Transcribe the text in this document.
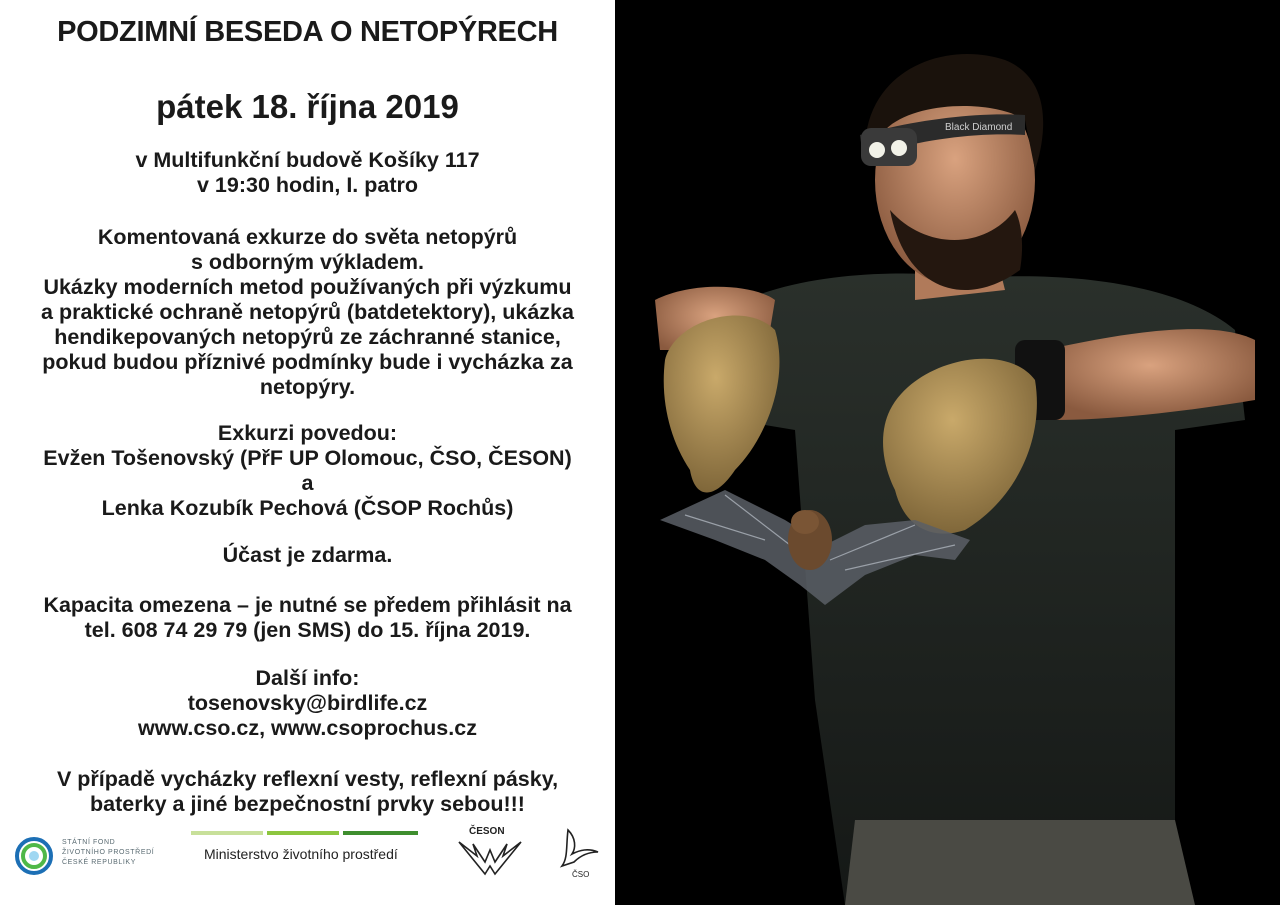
PODZIMNÍ BESEDA O NETOPÝRECH
pátek 18. října 2019
v Multifunkční budově Košíky 117
v 19:30 hodin, I. patro
Komentovaná exkurze do světa netopýrů
s odborným výkladem.
Ukázky moderních metod používaných při výzkumu
a praktické ochraně netopýrů (batdetektory), ukázka
hendikepovaných netopýrů ze záchranné stanice,
pokud budou příznivé podmínky bude i vycházka za
netopýry.
Exkurzi povedou:
Evžen Tošenovský (PřF UP Olomouc, ČSO, ČESON)
a
Lenka Kozubík Pechová (ČSOP Rochůs)
Účast je zdarma.
Kapacita omezena – je nutné se předem přihlásit na
tel. 608 74 29 79 (jen SMS) do 15. října 2019.
Další info:
tosenovsky@birdlife.cz
www.cso.cz, www.csoprochus.cz
V případě vycházky reflexní vesty, reflexní pásky,
baterky a jiné bezpečnostní prvky sebou!!!
STÁTNÍ FOND
ŽIVOTNÍHO PROSTŘEDÍ
ČESKÉ REPUBLIKY
Ministerstvo životního prostředí
ČESON
ČSO
Black Diamond
